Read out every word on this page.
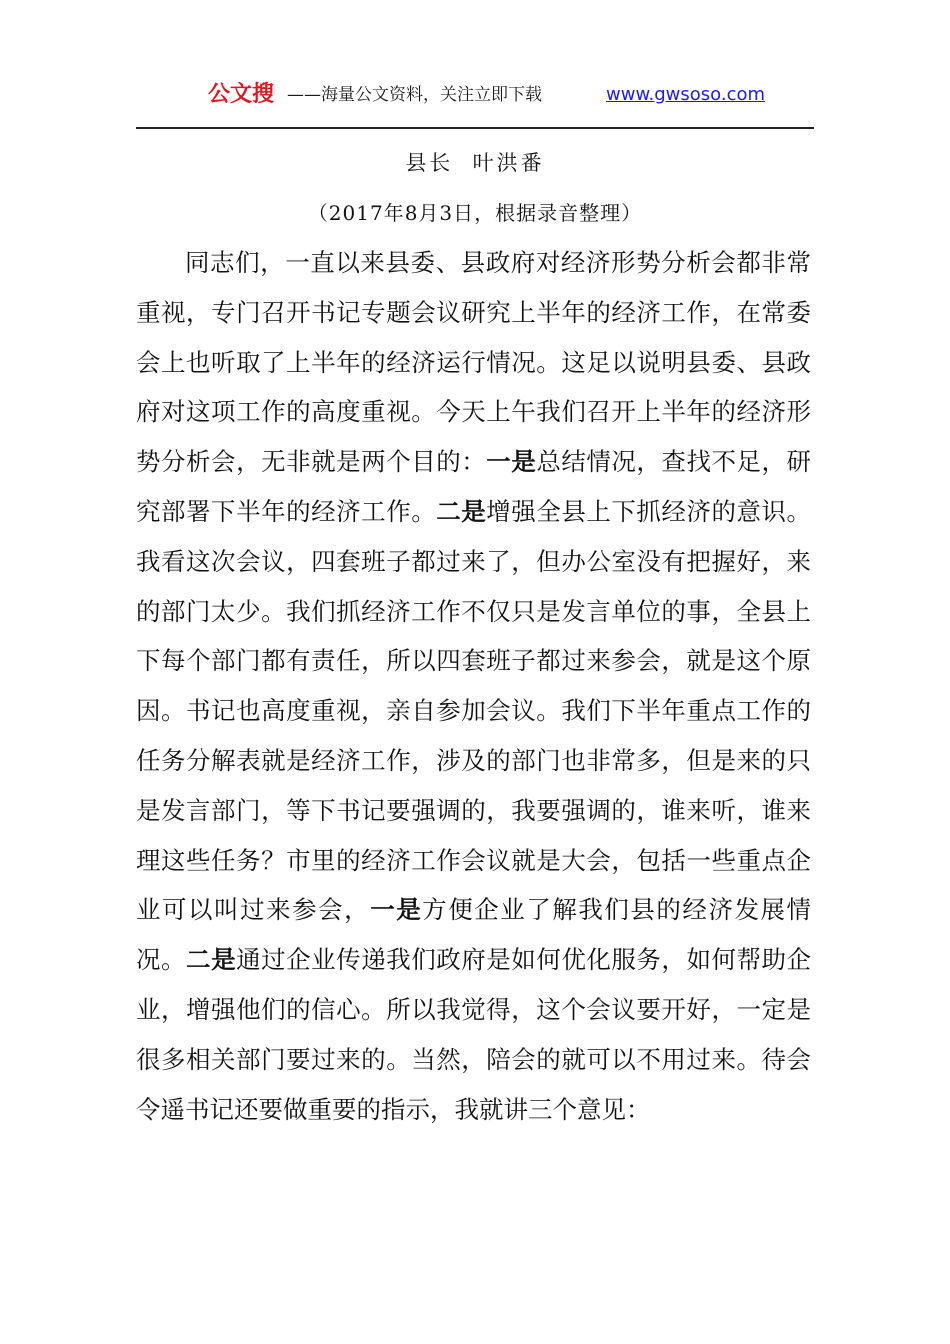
公文搜 ——海量公文资料，关注立即下载	www.gwsoso.com
县长  叶洪番
（2017年8月3日，根据录音整理）
同志们，一直以来县委、县政府对经济形势分析会都非常重视，专门召开书记专题会议研究上半年的经济工作，在常委会上也听取了上半年的经济运行情况。这足以说明县委、县政府对这项工作的高度重视。今天上午我们召开上半年的经济形势分析会，无非就是两个目的：一是总结情况，查找不足，研究部署下半年的经济工作。二是增强全县上下抓经济的意识。我看这次会议，四套班子都过来了，但办公室没有把握好，来的部门太少。我们抓经济工作不仅只是发言单位的事，全县上下每个部门都有责任，所以四套班子都过来参会，就是这个原因。书记也高度重视，亲自参加会议。我们下半年重点工作的任务分解表就是经济工作，涉及的部门也非常多，但是来的只是发言部门，等下书记要强调的，我要强调的，谁来听，谁来理这些任务？市里的经济工作会议就是大会，包括一些重点企业可以叫过来参会，一是方便企业了解我们县的经济发展情况。二是通过企业传递我们政府是如何优化服务，如何帮助企业，增强他们的信心。所以我觉得，这个会议要开好，一定是很多相关部门要过来的。当然，陪会的就可以不用过来。待会令遥书记还要做重要的指示，我就讲三个意见：
